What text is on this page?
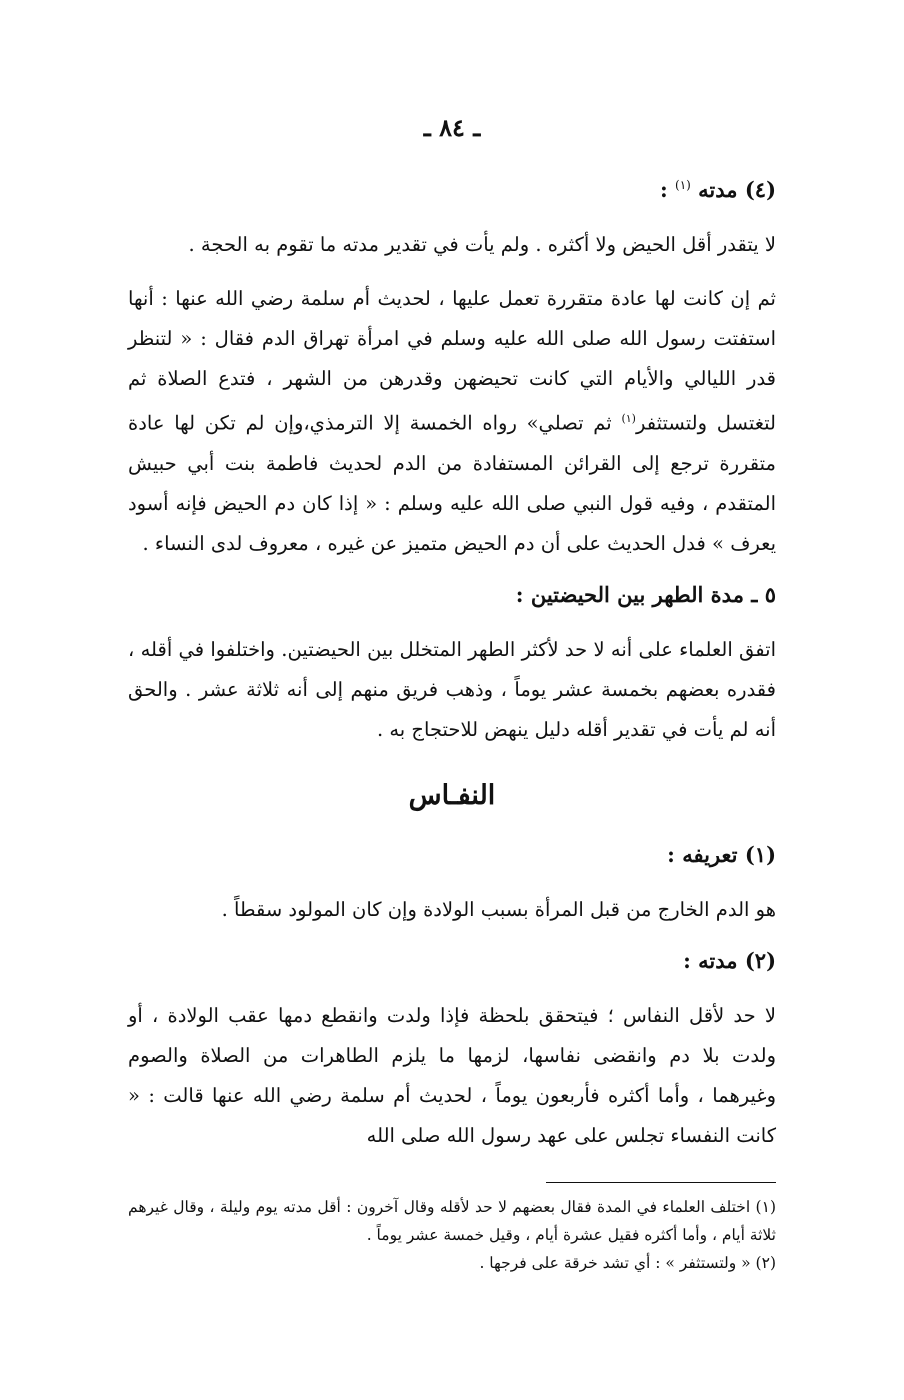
ـ ٨٤ ـ
(٤) مدته $^{(١)}$ :

لا يتقدر أقل الحيض ولا أكثره . ولم يأت في تقدير مدته ما تقوم به الحجة .

ثم إن كانت لها عادة متقررة تعمل عليها ، لحديث أم سلمة رضي الله عنها : أنها استفتت رسول الله صلى الله عليه وسلم في امرأة تهراق الدم فقال : « لتنظر قدر الليالي والأيام التي كانت تحيضهن وقدرهن من الشهر ، فتدع الصلاة ثم لتغتسل ولتستثفر$^{(١)}$ ثم تصلي» رواه الخمسة إلا الترمذي،وإن لم تكن لها عادة متقررة ترجع إلى القرائن المستفادة من الدم لحديث فاطمة بنت أبي حبيش المتقدم ، وفيه قول النبي صلى الله عليه وسلم : « إذا كان دم الحيض فإنه أسود يعرف » فدل الحديث على أن دم الحيض متميز عن غيره ، معروف لدى النساء .

٥ ـ مدة الطهر بين الحيضتين :

اتفق العلماء على أنه لا حد لأكثر الطهر المتخلل بين الحيضتين. واختلفوا في أقله ، فقدره بعضهم بخمسة عشر يوماً ، وذهب فريق منهم إلى أنه ثلاثة عشر . والحق أنه لم يأت في تقدير أقله دليل ينهض للاحتجاج به .

النفـاس
(١) تعريفه :

هو الدم الخارج من قبل المرأة بسبب الولادة وإن كان المولود سقطاً .

(٢) مدته :

لا حد لأقل النفاس ؛ فيتحقق بلحظة فإذا ولدت وانقطع دمها عقب الولادة ، أو ولدت بلا دم وانقضى نفاسها، لزمها ما يلزم الطاهرات من الصلاة والصوم وغيرهما ، وأما أكثره فأربعون يوماً ، لحديث أم سلمة رضي الله عنها قالت : « كانت النفساء تجلس على عهد رسول الله صلى الله

(١) اختلف العلماء في المدة فقال بعضهم لا حد لأقله وقال آخرون : أقل مدته يوم وليلة ، وقال غيرهم ثلاثة أيام ، وأما أكثره فقيل عشرة أيام ، وقيل خمسة عشر يوماً .

(٢) « ولتستثفر » : أي تشد خرقة على فرجها .
